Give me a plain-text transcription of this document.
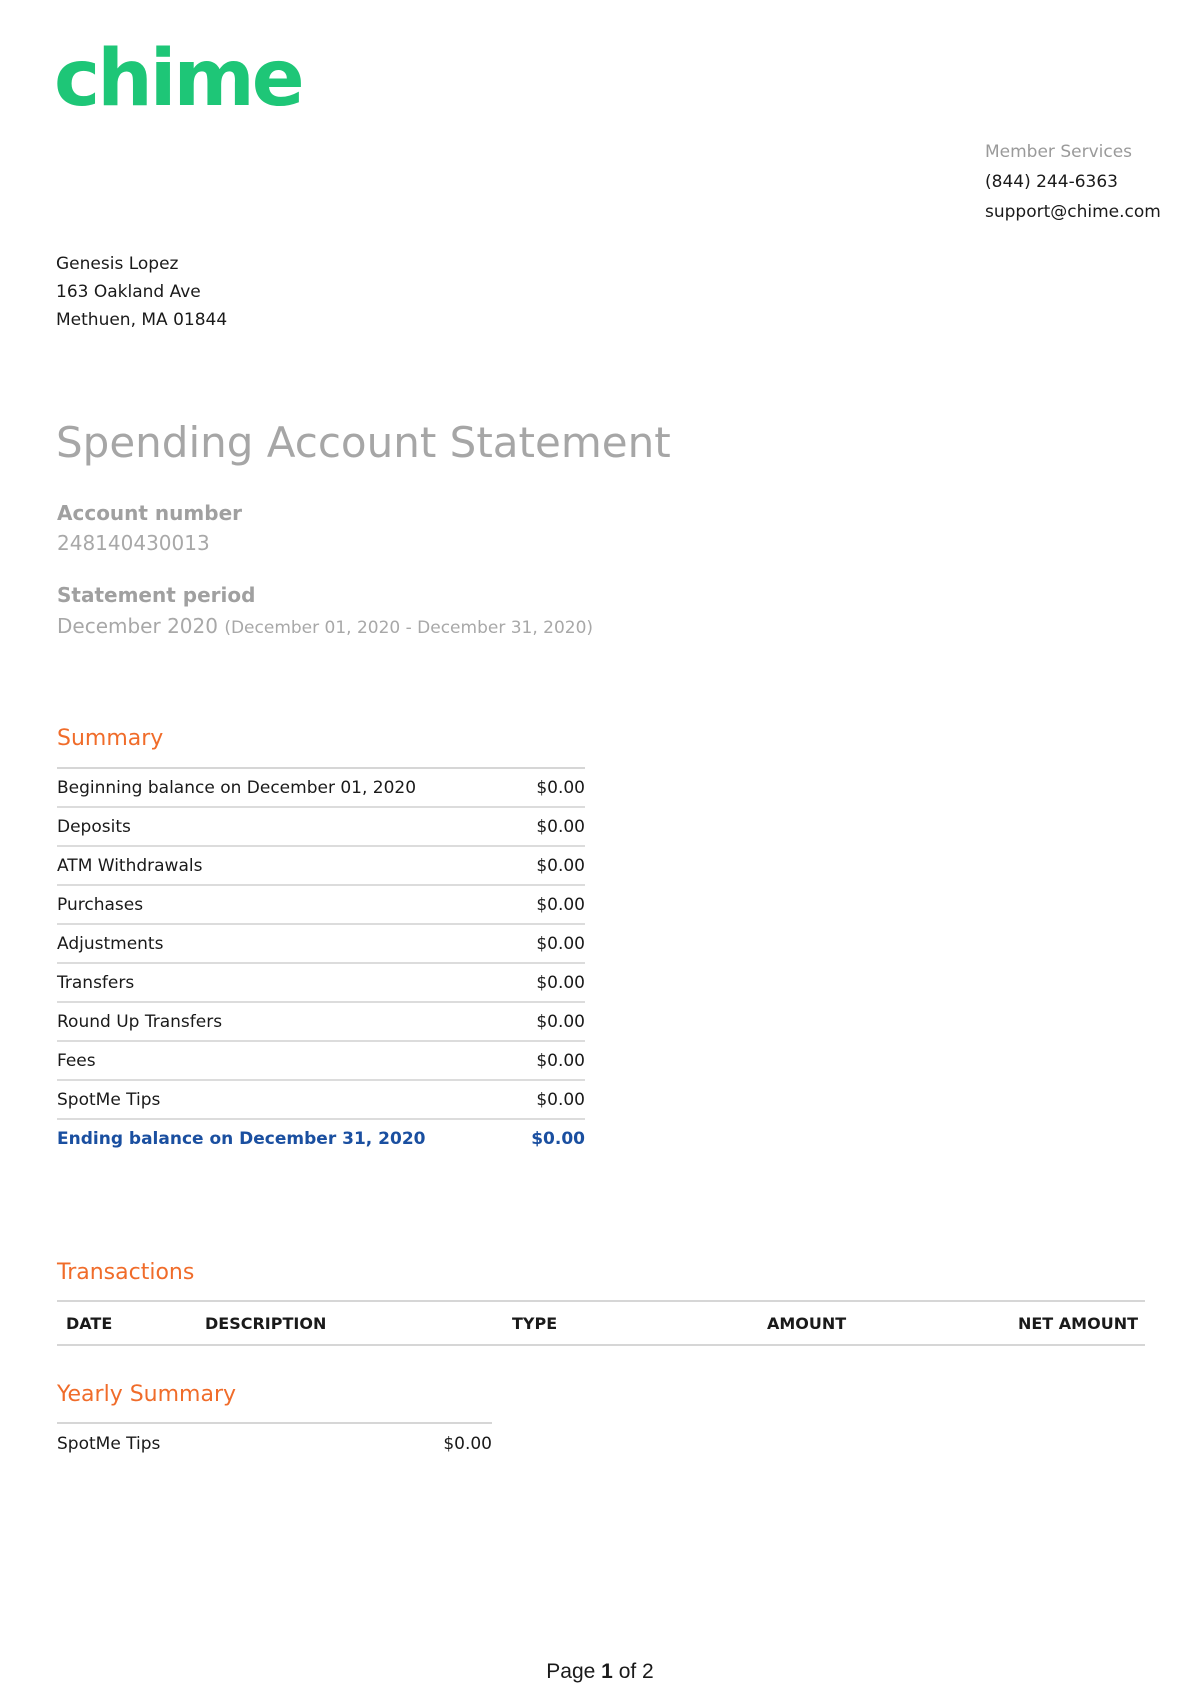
chime
Member Services
(844) 244-6363
support@chime.com
Genesis Lopez
163 Oakland Ave
Methuen, MA 01844
Spending Account Statement
Account number
248140430013
Statement period
December 2020 (December 01, 2020 - December 31, 2020)
Summary
Beginning balance on December 01, 2020	$0.00
Deposits	$0.00
ATM Withdrawals	$0.00
Purchases	$0.00
Adjustments	$0.00
Transfers	$0.00
Round Up Transfers	$0.00
Fees	$0.00
SpotMe Tips	$0.00
Ending balance on December 31, 2020	$0.00
Transactions
DATE	DESCRIPTION	TYPE	AMOUNT	NET AMOUNT
Yearly Summary
SpotMe Tips	$0.00
Page 1 of 2
